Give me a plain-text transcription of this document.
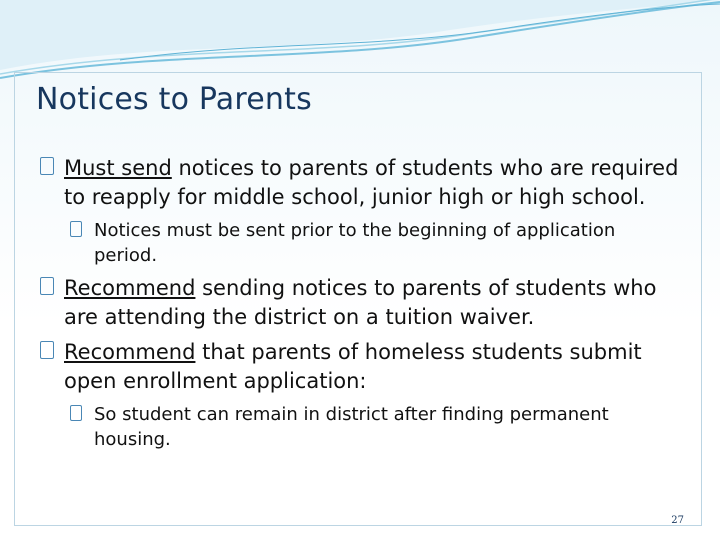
Notices to Parents
Must send notices to parents of students who are required to reapply for middle school, junior high or high school.
Notices must be sent prior to the beginning of application period.
Recommend sending notices to parents of students who are attending the district on a tuition waiver.
Recommend that parents of homeless students submit open enrollment application:
So student can remain in district after finding permanent housing.
27
